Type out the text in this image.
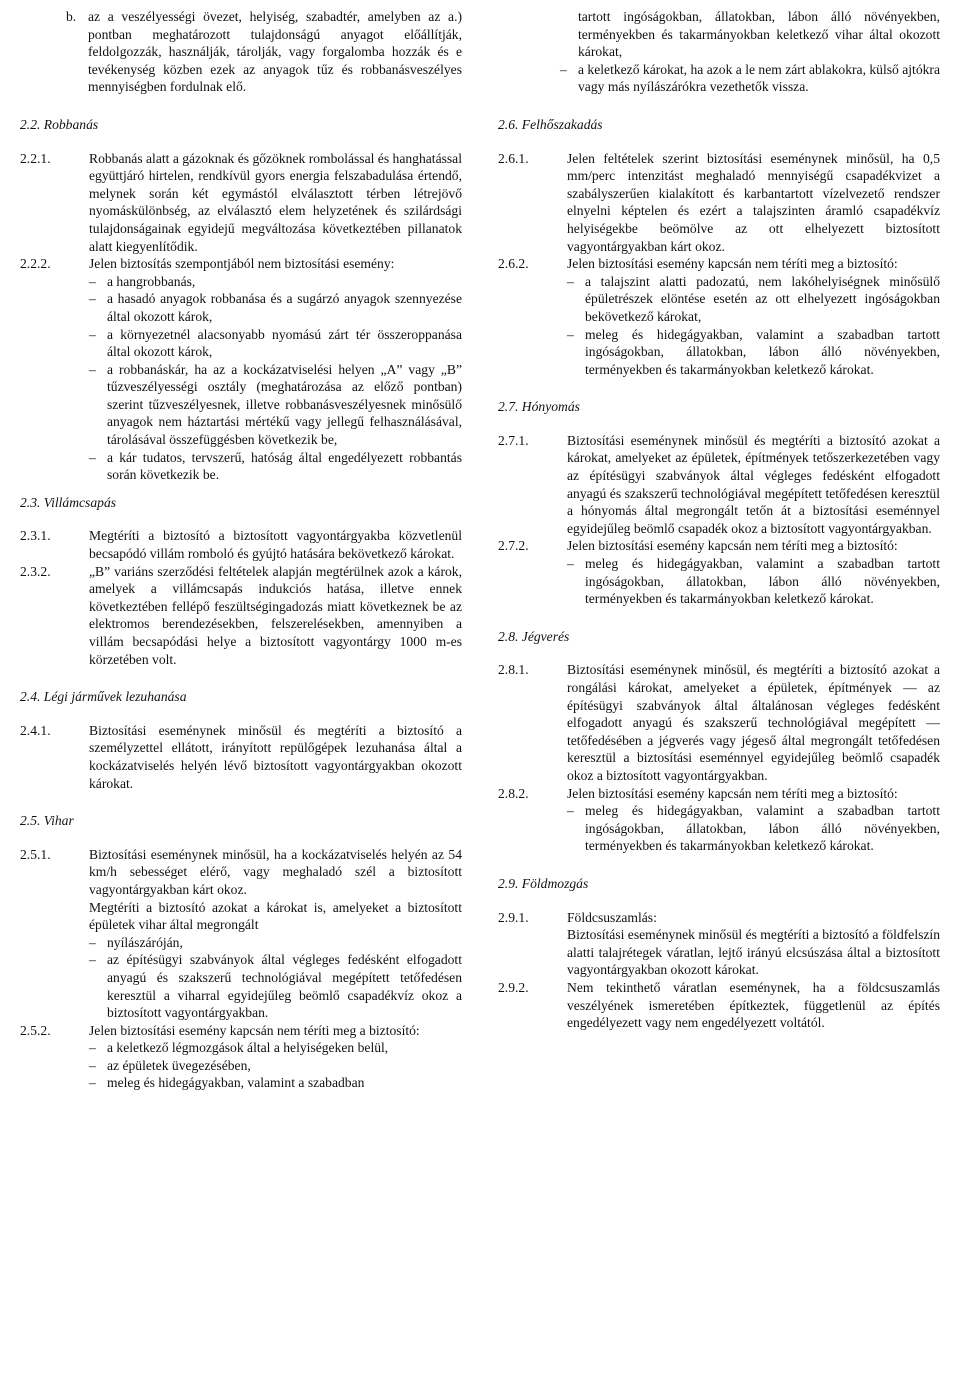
b. az a veszélyességi övezet, helyiség, szabadtér, amelyben az a.) pontban meghatározott tulajdonságú anyagot előállítják, feldolgozzák, használják, tárolják, vagy forgalomba hozzák és e tevékenység közben ezek az anyagok tűz és robbanásveszélyes mennyiségben fordulnak elő.

2.2. Robbanás

2.2.1.	Robbanás alatt a gázoknak és gőzöknek rombolással és hanghatással együttjáró hirtelen, rendkívül gyors energia felszabadulása értendő, melynek során két egymástól elválasztott térben létrejövő nyomáskülönbség, az elválasztó elem helyzetének és szilárdsági tulajdonságainak egyidejű megváltozása következtében pillanatok alatt kiegyenlítődik.

2.2.2.	Jelen biztosítás szempontjából nem biztosítási esemény:

– a hangrobbanás,
– a hasadó anyagok robbanása és a sugárzó anyagok szennyezése által okozott károk,
– a környezetnél alacsonyabb nyomású zárt tér összeroppanása által okozott károk,
– a robbanáskár, ha az a kockázatviselési helyen „A” vagy „B” tűzveszélyességi osztály (meghatározása az előző pontban) szerint tűzveszélyesnek, illetve robbanásveszélyesnek minősülő anyagok nem háztartási mértékű vagy jellegű felhasználásával, tárolásával összefüggésben következik be,
– a kár tudatos, tervszerű, hatóság által engedélyezett robbantás során következik be.

2.3. Villámcsapás

2.3.1.	Megtéríti a biztosító a biztosított vagyontárgyakba közvetlenül becsapódó villám romboló és gyújtó hatására bekövetkező károkat.

2.3.2.	„B” variáns szerződési feltételek alapján megtérülnek azok a károk, amelyek a villámcsapás indukciós hatása, illetve ennek következtében fellépő feszültségingadozás miatt következnek be az elektromos berendezésekben, felszerelésekben, amennyiben a villám becsapódási helye a biztosított vagyontárgy 1000 m-es körzetében volt.

2.4. Légi járművek lezuhanása

2.4.1.	Biztosítási eseménynek minősül és megtéríti a biztosító a személyzettel ellátott, irányított repülőgépek lezuhanása által a kockázatviselés helyén lévő biztosított vagyontárgyakban okozott károkat.

2.5. Vihar

2.5.1.	Biztosítási eseménynek minősül, ha a kockázatviselés helyén az 54 km/h sebességet elérő, vagy meghaladó szél a biztosított vagyontárgyakban kárt okoz.

Megtéríti a biztosító azokat a károkat is, amelyeket a biztosított épületek vihar által megrongált

– nyílászáróján,
– az építésügyi szabványok által végleges fedésként elfogadott anyagú és szakszerű technológiával megépített tetőfedésen keresztül a viharral egyidejűleg beömlő csapadékvíz okoz a biztosított vagyontárgyakban.
2.5.2.	Jelen biztosítási esemény kapcsán nem téríti meg a biztosító:

– a keletkező légmozgások által a helyiségeken belül,
– az épületek üvegezésében,
– meleg és hidegágyakban, valamint a szabadban

tartott ingóságokban, állatokban, lábon álló növényekben, terményekben és takarmányokban keletkező vihar által okozott károkat,

– a keletkező károkat, ha azok a le nem zárt ablakokra, külső ajtókra vagy más nyílászárókra vezethetők vissza.

2.6. Felhőszakadás

2.6.1.	Jelen feltételek szerint biztosítási eseménynek minősül, ha 0,5 mm/perc intenzitást meghaladó mennyiségű csapadékvizet a szabályszerűen kialakított és karbantartott vízelvezető rendszer elnyelni képtelen és ezért a talajszinten áramló csapadékvíz helyiségekbe beömölve az ott elhelyezett biztosított vagyontárgyakban kárt okoz.

2.6.2.	Jelen biztosítási esemény kapcsán nem téríti meg a biztosító:

– a talajszint alatti padozatú, nem lakóhelyiségnek minősülő épületrészek elöntése esetén az ott elhelyezett ingóságokban bekövetkező károkat,
– meleg és hidegágyakban, valamint a szabadban tartott ingóságokban, állatokban, lábon álló növényekben, terményekben és takarmányokban keletkező károkat.

2.7. Hónyomás

2.7.1.	Biztosítási eseménynek minősül és megtéríti a biztosító azokat a károkat, amelyeket az épületek, építmények tetőszerkezetében vagy az építésügyi szabványok által végleges fedésként elfogadott anyagú és szakszerű technológiával megépített tetőfedésen keresztül a hónyomás által megrongált tetőn át a biztosítási eseménnyel egyidejűleg beömlő csapadék okoz a biztosított vagyontárgyakban.

2.7.2.	Jelen biztosítási esemény kapcsán nem téríti meg a biztosító:

– meleg és hidegágyakban, valamint a szabadban tartott ingóságokban, állatokban, lábon álló növényekben, terményekben és takarmányokban keletkező károkat.

2.8. Jégverés

2.8.1.	Biztosítási eseménynek minősül, és megtéríti a biztosító azokat a rongálási károkat, amelyeket a épületek, építmények — az építésügyi szabványok által általánosan végleges fedésként elfogadott anyagú és szakszerű technológiával megépített — tetőfedésében a jégverés vagy jégeső által megrongált tetőfedésen keresztül a biztosítási eseménnyel egyidejűleg beömlő csapadék okoz a biztosított vagyontárgyakban.

2.8.2.	Jelen biztosítási esemény kapcsán nem téríti meg a biztosító:

– meleg és hidegágyakban, valamint a szabadban tartott ingóságokban, állatokban, lábon álló növényekben, terményekben és takarmányokban keletkező károkat.

2.9. Földmozgás

2.9.1.	Földcsuszamlás:

Biztosítási eseménynek minősül és megtéríti a biztosító a földfelszín alatti talajrétegek váratlan, lejtő irányú elcsúszása által a biztosított vagyontárgyakban okozott károkat.

2.9.2.	Nem tekinthető váratlan eseménynek, ha a földcsuszamlás veszélyének ismeretében építkeztek, függetlenül az építés engedélyezett vagy nem engedélyezett voltától.
